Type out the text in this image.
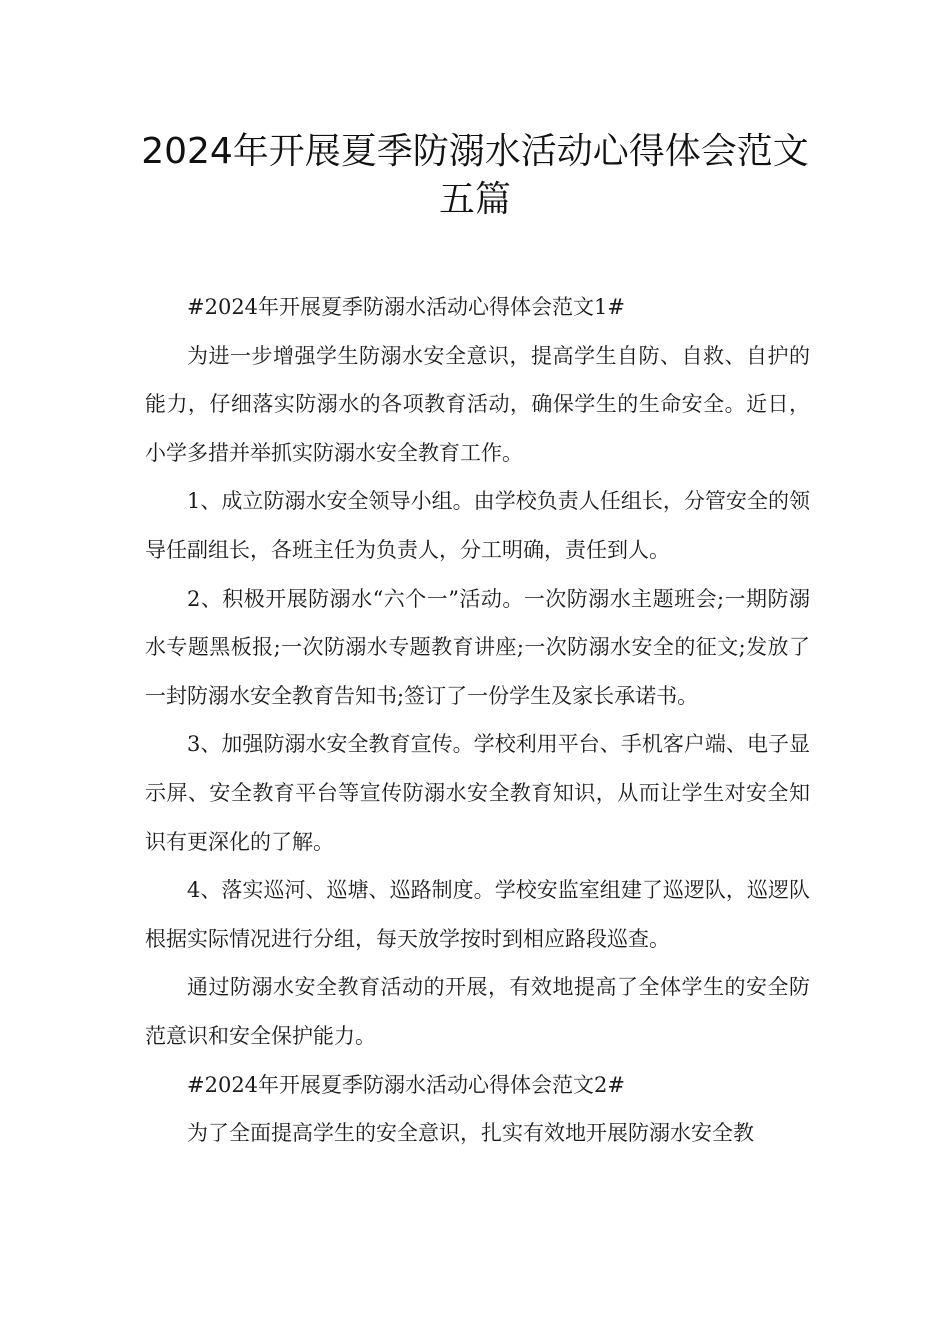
2024年开展夏季防溺水活动心得体会范文五篇

#2024年开展夏季防溺水活动心得体会范文1#

为进一步增强学生防溺水安全意识，提高学生自防、自救、自护的能力，仔细落实防溺水的各项教育活动，确保学生的生命安全。近日，小学多措并举抓实防溺水安全教育工作。

1、成立防溺水安全领导小组。由学校负责人任组长，分管安全的领导任副组长，各班主任为负责人，分工明确，责任到人。

2、积极开展防溺水“六个一”活动。一次防溺水主题班会;一期防溺水专题黑板报;一次防溺水专题教育讲座;一次防溺水安全的征文;发放了一封防溺水安全教育告知书;签订了一份学生及家长承诺书。

3、加强防溺水安全教育宣传。学校利用平台、手机客户端、电子显示屏、安全教育平台等宣传防溺水安全教育知识，从而让学生对安全知识有更深化的了解。

4、落实巡河、巡塘、巡路制度。学校安监室组建了巡逻队，巡逻队根据实际情况进行分组，每天放学按时到相应路段巡查。

通过防溺水安全教育活动的开展，有效地提高了全体学生的安全防范意识和安全保护能力。

#2024年开展夏季防溺水活动心得体会范文2#

为了全面提高学生的安全意识，扎实有效地开展防溺水安全教
